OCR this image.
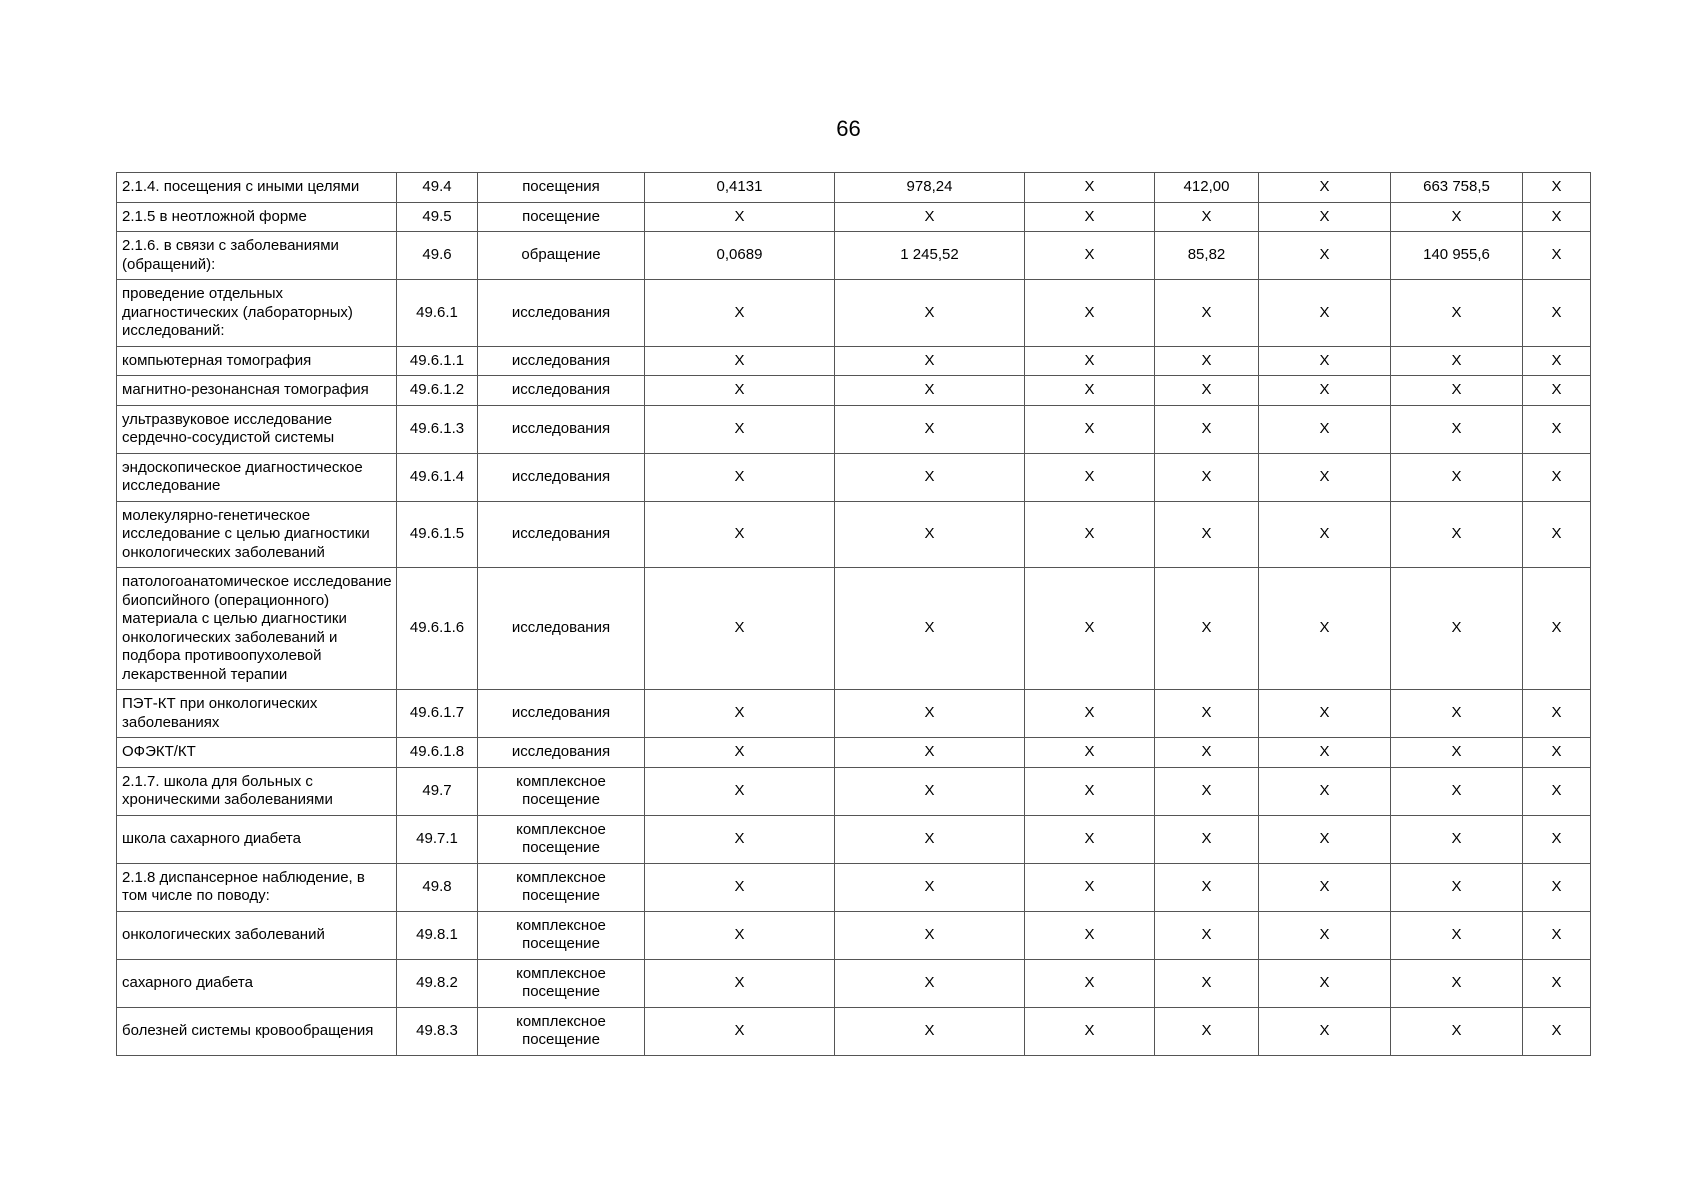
66
2.1.4. посещения с иными целями	49.4	посещения	0,4131	978,24	X	412,00	X	663 758,5	X
2.1.5 в неотложной форме	49.5	посещение	X	X	X	X	X	X	X
2.1.6. в связи с заболеваниями (обращений):	49.6	обращение	0,0689	1 245,52	X	85,82	X	140 955,6	X
проведение отдельных диагностических (лабораторных) исследований:	49.6.1	исследования	X	X	X	X	X	X	X
компьютерная томография	49.6.1.1	исследования	X	X	X	X	X	X	X
магнитно-резонансная томография	49.6.1.2	исследования	X	X	X	X	X	X	X
ультразвуковое исследование сердечно-сосудистой системы	49.6.1.3	исследования	X	X	X	X	X	X	X
эндоскопическое диагностическое исследование	49.6.1.4	исследования	X	X	X	X	X	X	X
молекулярно-генетическое исследование с целью диагностики онкологических заболеваний	49.6.1.5	исследования	X	X	X	X	X	X	X
патологоанатомическое исследование биопсийного (операционного) материала с целью диагностики онкологических заболеваний и подбора противоопухолевой лекарственной терапии	49.6.1.6	исследования	X	X	X	X	X	X	X
ПЭТ-КТ при онкологических заболеваниях	49.6.1.7	исследования	X	X	X	X	X	X	X
ОФЭКТ/КТ	49.6.1.8	исследования	X	X	X	X	X	X	X
2.1.7. школа для больных с хроническими заболеваниями	49.7	комплексное посещение	X	X	X	X	X	X	X
школа сахарного диабета	49.7.1	комплексное посещение	X	X	X	X	X	X	X
2.1.8 диспансерное наблюдение, в том числе по поводу:	49.8	комплексное посещение	X	X	X	X	X	X	X
онкологических заболеваний	49.8.1	комплексное посещение	X	X	X	X	X	X	X
сахарного диабета	49.8.2	комплексное посещение	X	X	X	X	X	X	X
болезней системы кровообращения	49.8.3	комплексное посещение	X	X	X	X	X	X	X
